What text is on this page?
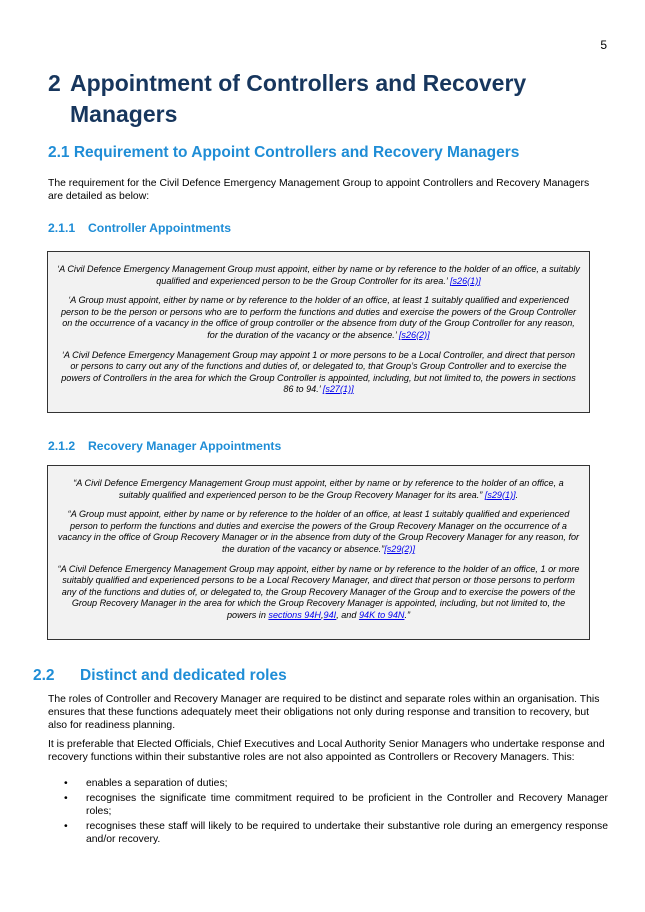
5
2 Appointment of Controllers and Recovery
Managers
2.1 Requirement to Appoint Controllers and Recovery Managers
The requirement for the Civil Defence Emergency Management Group to appoint Controllers and Recovery Managers are detailed as below:
2.1.1 Controller Appointments

‘A Civil Defence Emergency Management Group must appoint, either by name or by reference to the holder of an office, a suitably qualified and experienced person to be the Group Controller for its area.’ [s26(1)]

‘A Group must appoint, either by name or by reference to the holder of an office, at least 1 suitably qualified and experienced person to be the person or persons who are to perform the functions and duties and exercise the powers of the Group Controller on the occurrence of a vacancy in the office of group controller or the absence from duty of the Group Controller for any reason, for the duration of the vacancy or the absence.’ [s26(2)]

‘A Civil Defence Emergency Management Group may appoint 1 or more persons to be a Local Controller, and direct that person or persons to carry out any of the functions and duties of, or delegated to, that Group’s Group Controller and to exercise the powers of Controllers in the area for which the Group Controller is appointed, including, but not limited to, the powers in sections 86 to 94.’ [s27(1)]

2.1.2 Recovery Manager Appointments

“A Civil Defence Emergency Management Group must appoint, either by name or by reference to the holder of an office, a suitably qualified and experienced person to be the Group Recovery Manager for its area.” [s29(1)].

“A Group must appoint, either by name or by reference to the holder of an office, at least 1 suitably qualified and experienced person to perform the functions and duties and exercise the powers of the Group Recovery Manager on the occurrence of a vacancy in the office of Group Recovery Manager or in the absence from duty of the Group Recovery Manager for any reason, for the duration of the vacancy or absence.”[s29(2)]

“A Civil Defence Emergency Management Group may appoint, either by name or by reference to the holder of an office, 1 or more suitably qualified and experienced persons to be a Local Recovery Manager, and direct that person or those persons to perform any of the functions and duties of, or delegated to, the Group Recovery Manager of the Group and to exercise the powers of the Group Recovery Manager in the area for which the Group Recovery Manager is appointed, including, but not limited to, the powers in sections 94H,94I, and 94K to 94N.”

2.2 Distinct and dedicated roles
The roles of Controller and Recovery Manager are required to be distinct and separate roles within an organisation. This ensures that these functions adequately meet their obligations not only during response and transition to recovery, but also for readiness planning.
It is preferable that Elected Officials, Chief Executives and Local Authority Senior Managers who undertake response and recovery functions within their substantive roles are not also appointed as Controllers or Recovery Managers. This:
• enables a separation of duties;
• recognises the significate time commitment required to be proficient in the Controller and Recovery Manager roles;
• recognises these staff will likely to be required to undertake their substantive role during an emergency response and/or recovery.
